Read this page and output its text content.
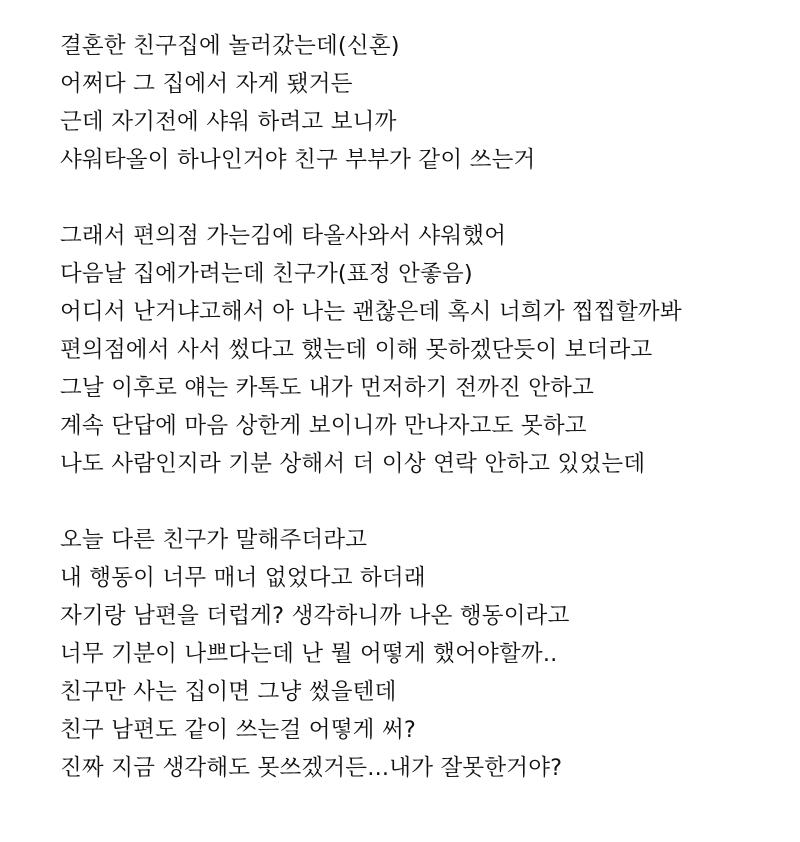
결혼한 친구집에 놀러갔는데(신혼)
어쩌다 그 집에서 자게 됐거든
근데 자기전에 샤워 하려고 보니까
샤워타올이 하나인거야 친구 부부가 같이 쓰는거
그래서 편의점 가는김에 타올사와서 샤워했어
다음날 집에가려는데 친구가(표정 안좋음)
어디서 난거냐고해서 아 나는 괜찮은데 혹시 너희가 찝찝할까봐
편의점에서 사서 썼다고 했는데 이해 못하겠단듯이 보더라고
그날 이후로 얘는 카톡도 내가 먼저하기 전까진 안하고
계속 단답에 마음 상한게 보이니까 만나자고도 못하고
나도 사람인지라 기분 상해서 더 이상 연락 안하고 있었는데
오늘 다른 친구가 말해주더라고
내 행동이 너무 매너 없었다고 하더래
자기랑 남편을 더럽게? 생각하니까 나온 행동이라고
너무 기분이 나쁘다는데 난 뭘 어떻게 했어야할까..
친구만 사는 집이면 그냥 썼을텐데
친구 남편도 같이 쓰는걸 어떻게 써?
진짜 지금 생각해도 못쓰겠거든...내가 잘못한거야?
